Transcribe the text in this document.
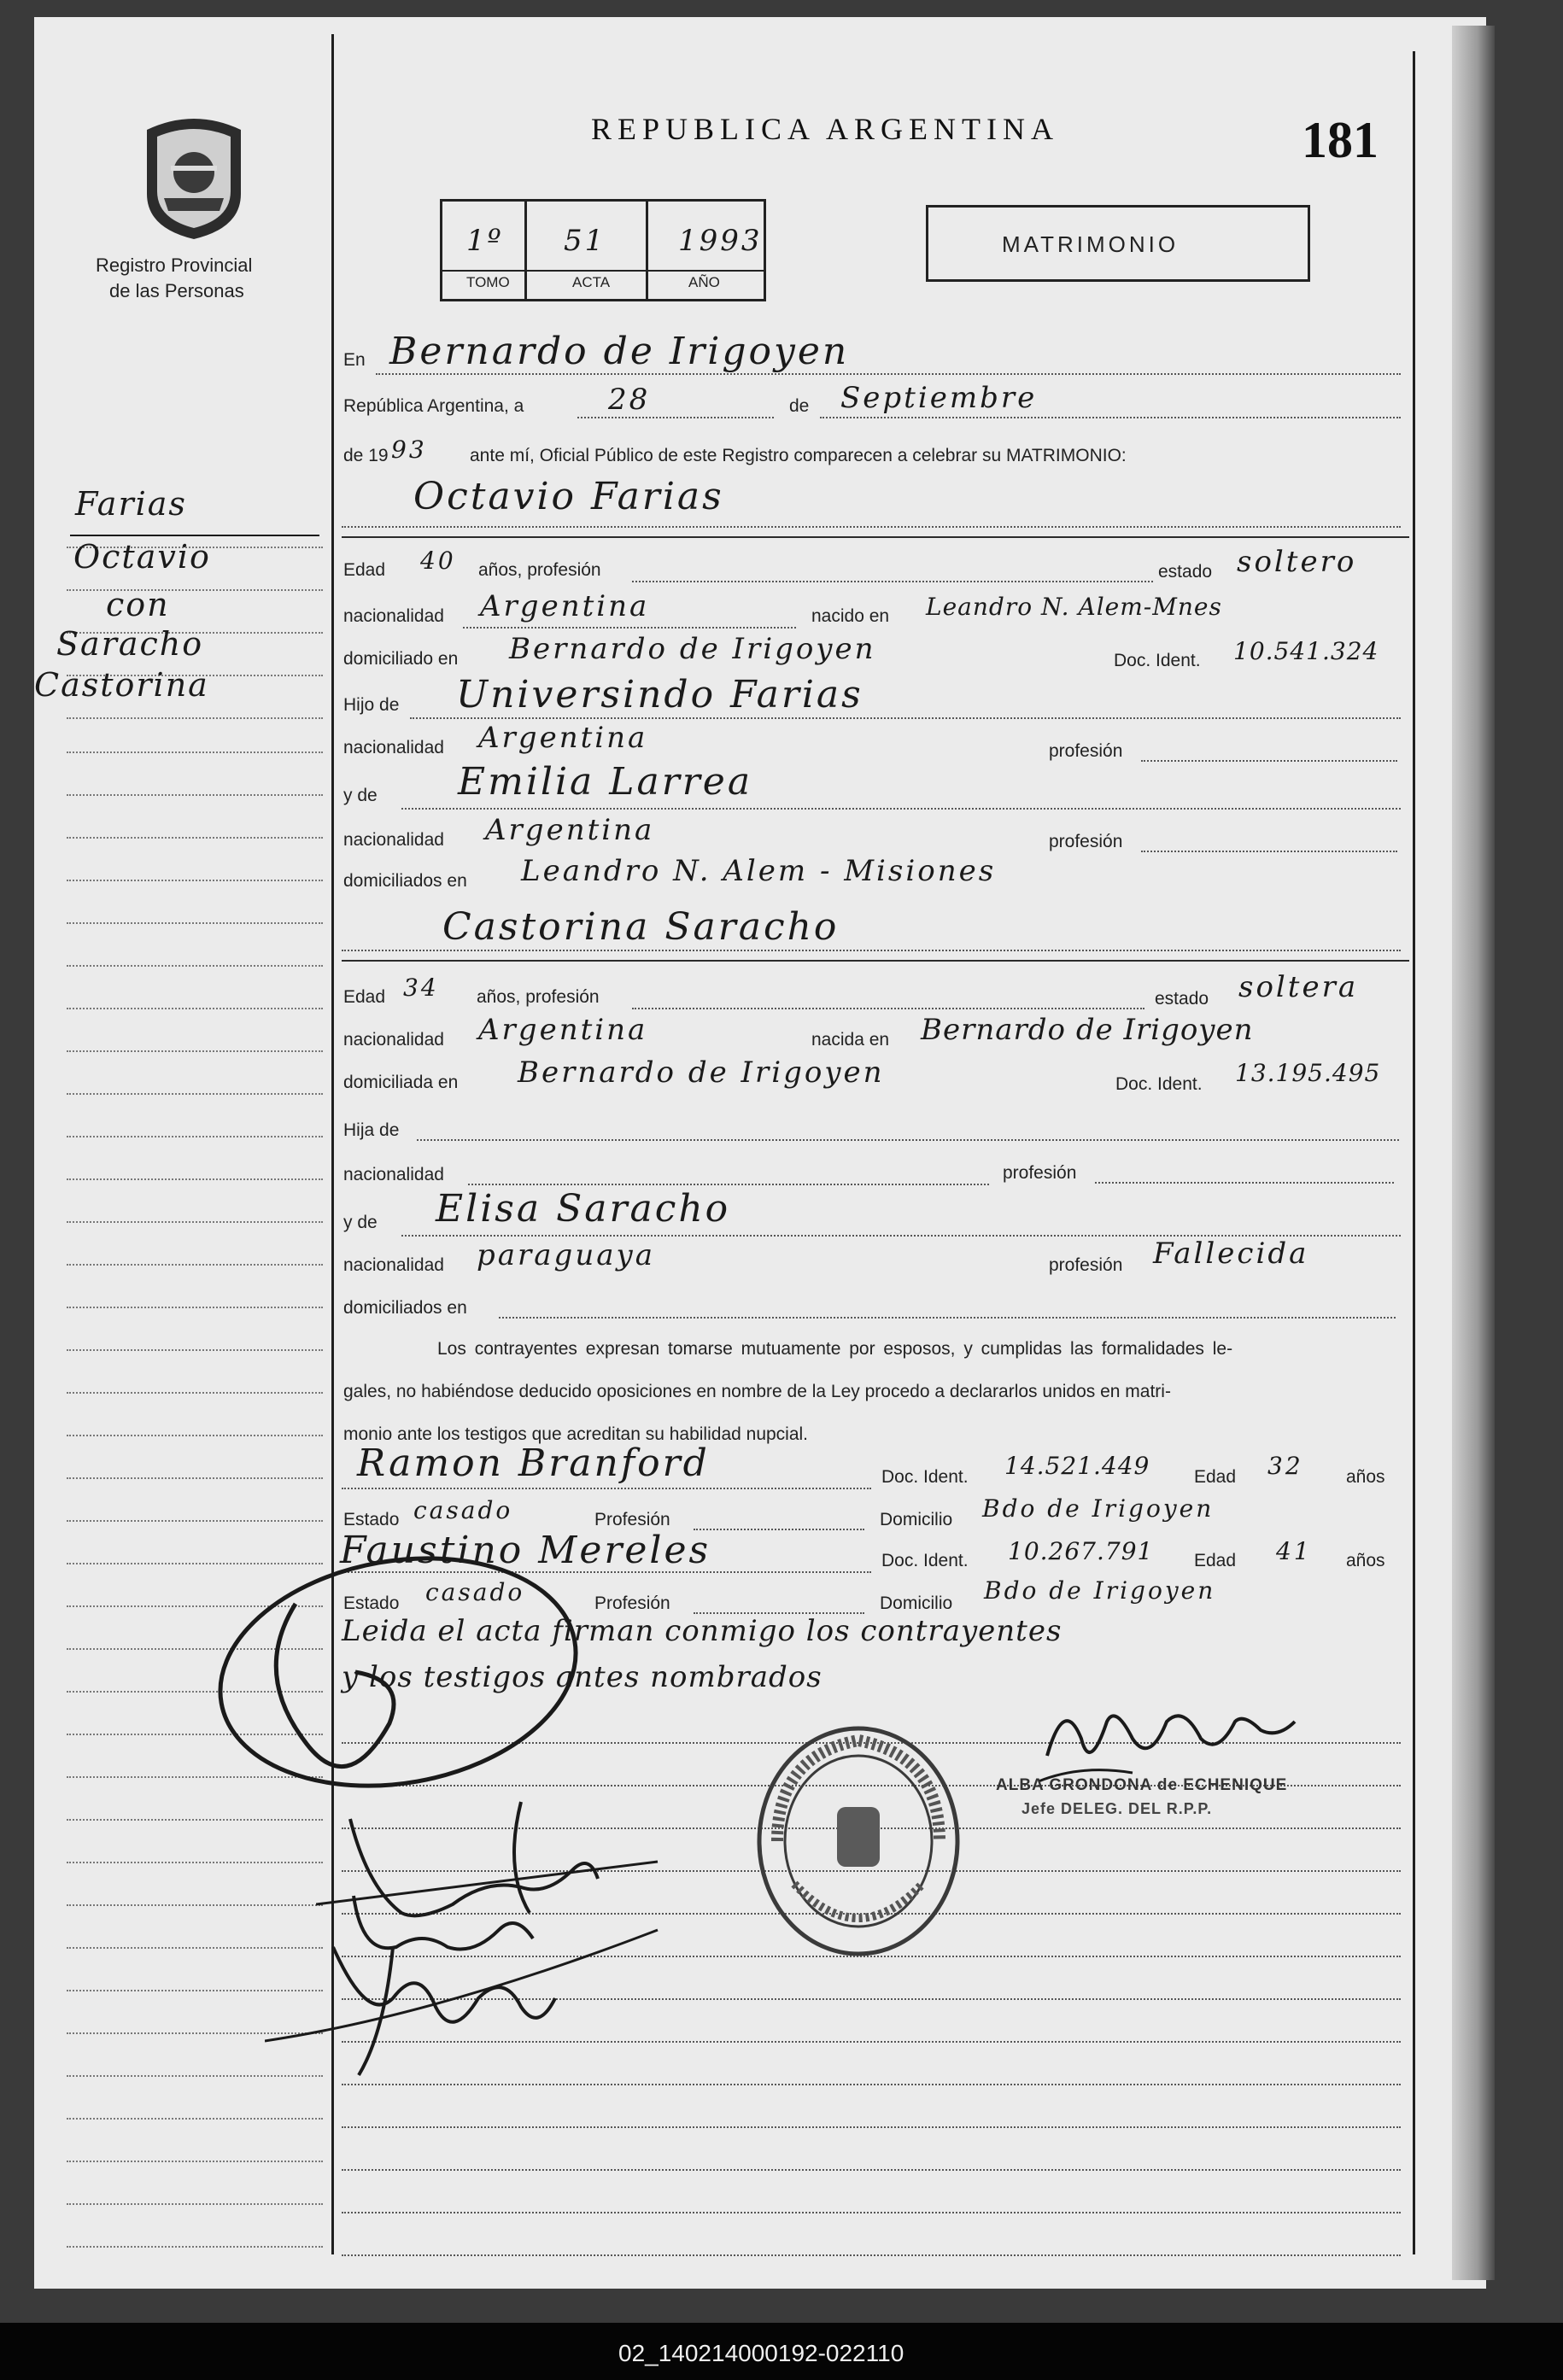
Registro Provincial
de las Personas
REPUBLICA ARGENTINA	181
1º 51 1993
TOMO	ACTA	AÑO
MATRIMONIO
Farias
Octavio
con
Saracho
Castorina
En Bernardo de Irigoyen
República Argentina, a	28	de Septiembre
de 19 93 ante mí, Oficial Público de este Registro comparecen a celebrar su MATRIMONIO:
Octavio Farias
Edad 40 años, profesión	estado soltero
nacionalidad Argentina	nacido en Leandro N. Alem-Mnes
domiciliado en Bernardo de Irigoyen	Doc. Ident. 10.541.324
Hijo de Universindo Farias
nacionalidad Argentina	profesión
y de Emilia Larrea
nacionalidad Argentina	profesión
domiciliados en Leandro N. Alem - Misiones
Castorina Saracho
Edad 34 años, profesión	estado soltera
nacionalidad Argentina	nacida en Bernardo de Irigoyen
domiciliada en Bernardo de Irigoyen	Doc. Ident. 13.195.495
Hija de
nacionalidad	profesión
y de Elisa Saracho
nacionalidad paraguaya	profesión Fallecida
domiciliados en
Los contrayentes expresan tomarse mutuamente por esposos, y cumplidas las formalidades le-
gales, no habiéndose deducido oposiciones en nombre de la Ley procedo a declararlos unidos en matri-
monio ante los testigos que acreditan su habilidad nupcial.
Ramon Branford	Doc. Ident. 14.521.449 Edad 32 años
Estado casado	Profesión	Domicilio Bdo de Irigoyen
Faustino Mereles	Doc. Ident. 10.267.791 Edad 41 años
Estado casado	Profesión	Domicilio Bdo de Irigoyen
Leida el acta firman conmigo los contrayentes
y los testigos antes nombrados
ALBA GRONDONA de ECHENIQUE
Jefe DELEG. DEL R.P.P.
02_140214000192-022110
